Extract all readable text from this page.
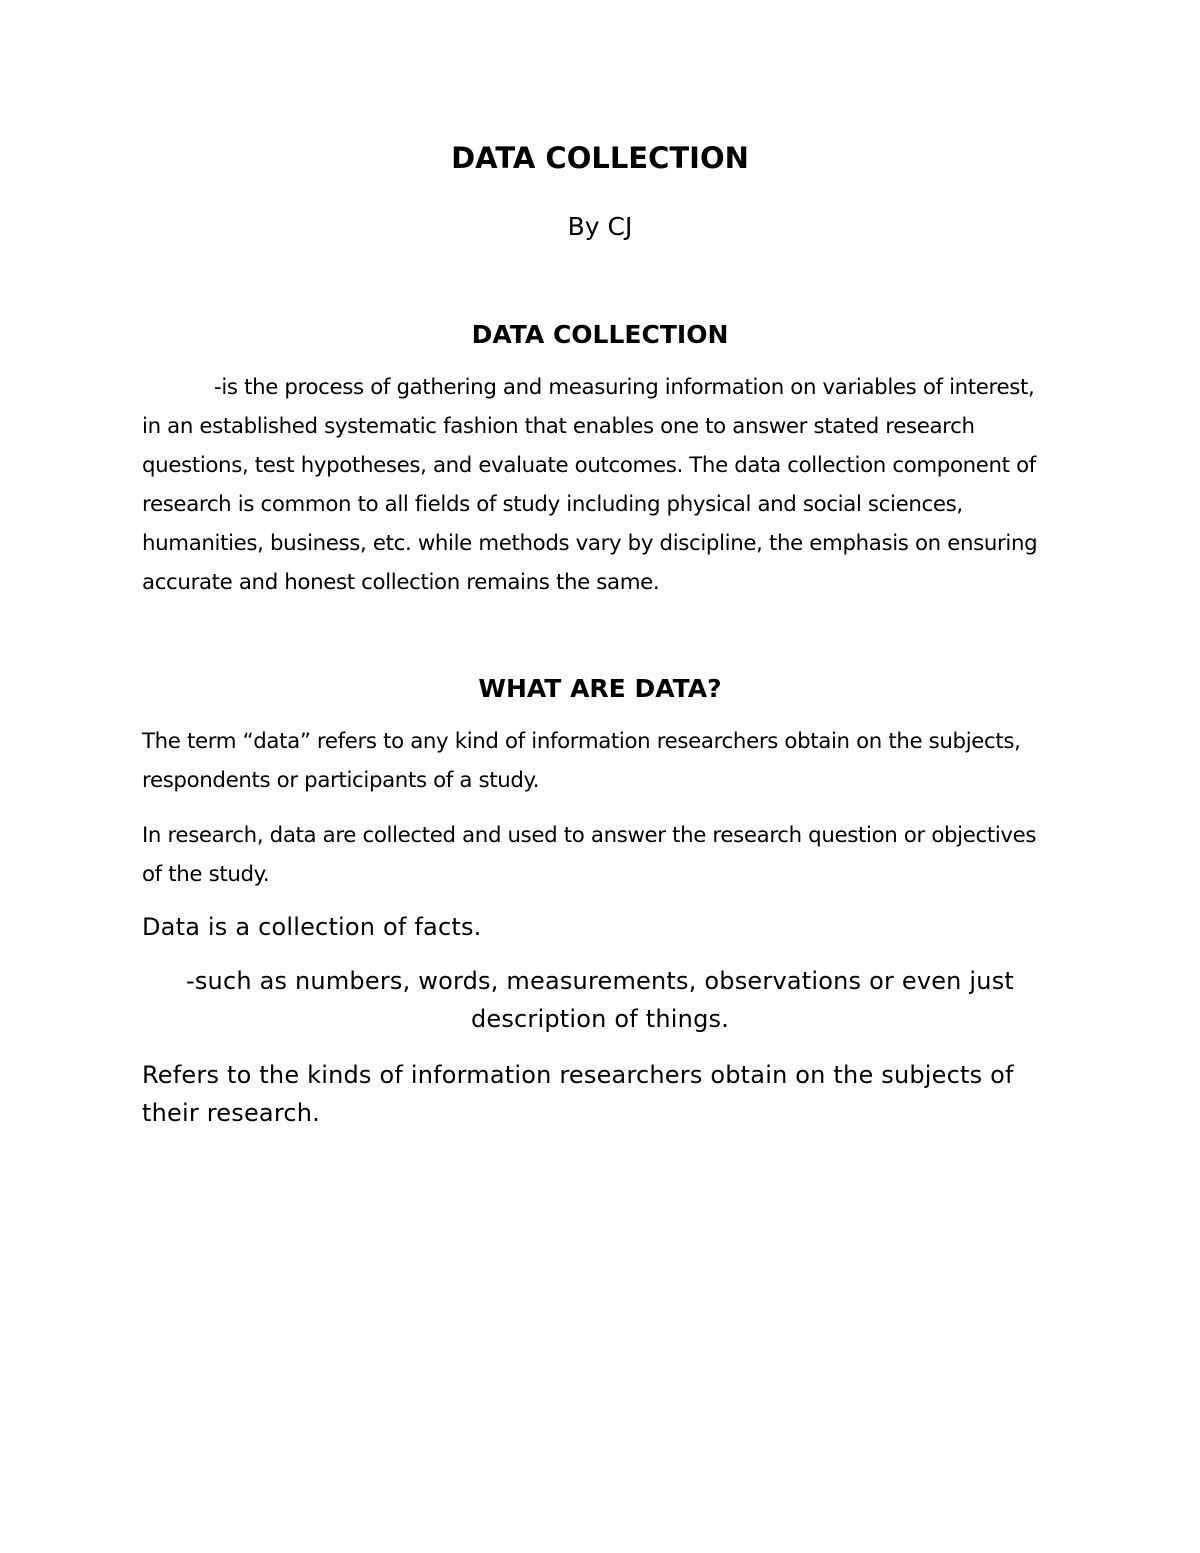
DATA COLLECTION

By CJ

DATA COLLECTION

-is the process of gathering and measuring information on variables of interest, in an established systematic fashion that enables one to answer stated research questions, test hypotheses, and evaluate outcomes. The data collection component of research is common to all fields of study including physical and social sciences, humanities, business, etc. while methods vary by discipline, the emphasis on ensuring accurate and honest collection remains the same.

WHAT ARE DATA?

The term “data” refers to any kind of information researchers obtain on the subjects, respondents or participants of a study.

In research, data are collected and used to answer the research question or objectives of the study.

Data is a collection of facts.

-such as numbers, words, measurements, observations or even just description of things.

Refers to the kinds of information researchers obtain on the subjects of their research.
